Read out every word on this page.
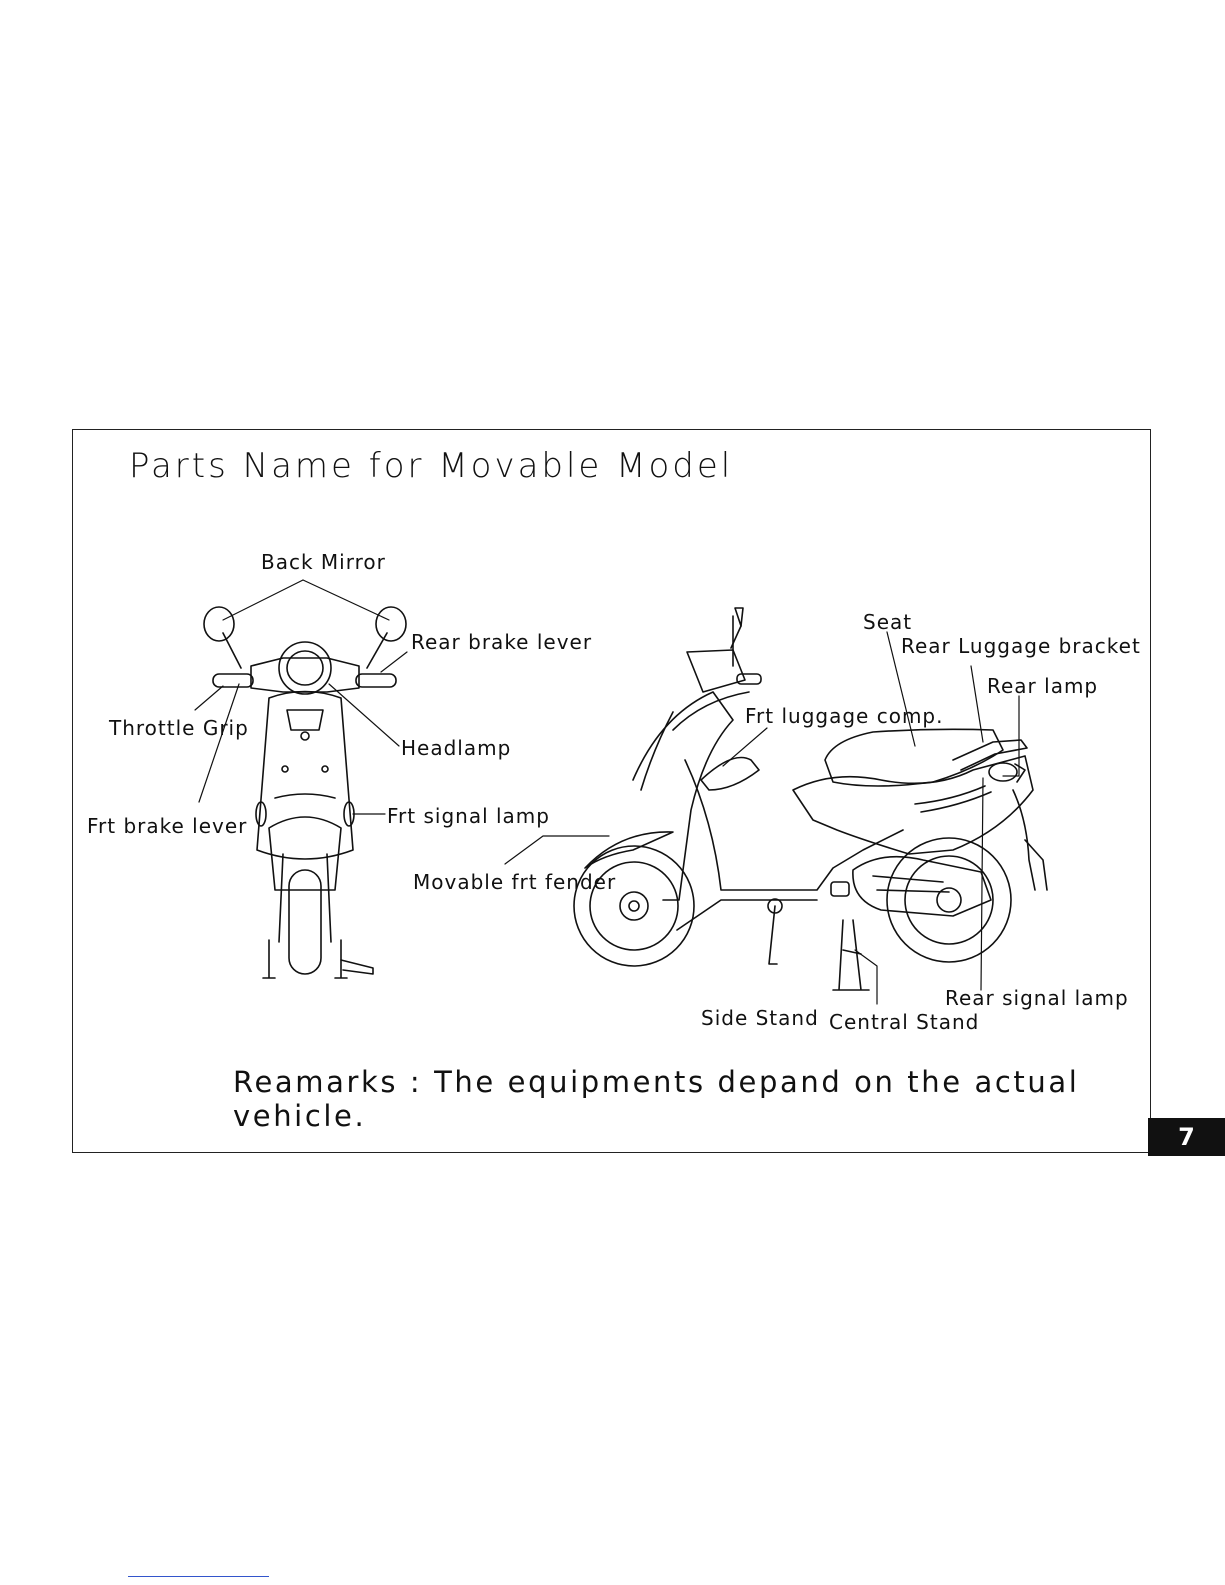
Parts Name for Movable Model
Back Mirror
Rear brake lever
Throttle Grip
Headlamp
Frt brake lever	Frt signal lamp
Movable frt fender
Frt luggage comp.
Seat
Rear Luggage bracket
Rear lamp
Side Stand Central Stand
Rear signal lamp
Reamarks : The equipments depand on the actual vehicle.
7
